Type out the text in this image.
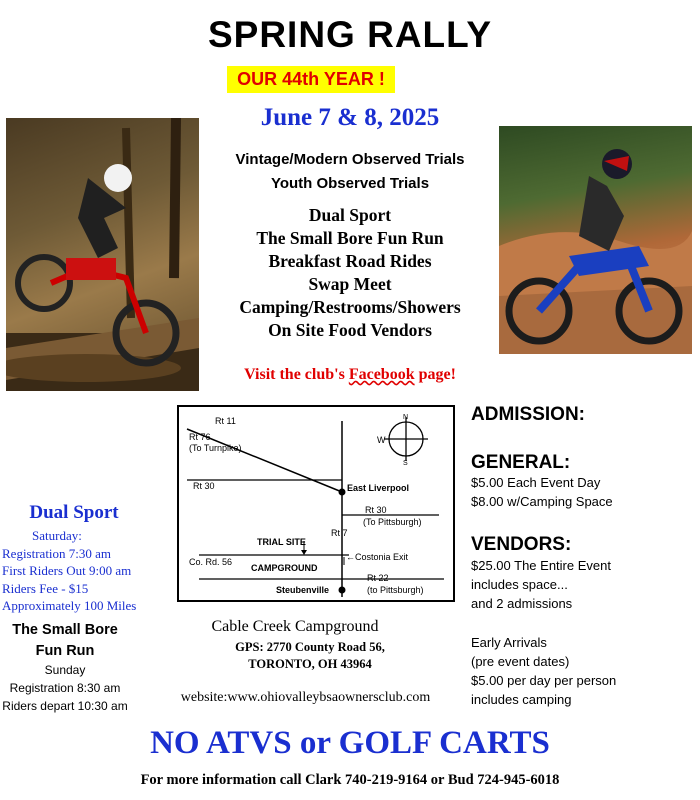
SPRING RALLY
OUR 44th YEAR !
June 7 & 8, 2025
Vintage/Modern Observed Trials
Youth Observed Trials
Dual Sport
The Small Bore Fun Run
Breakfast Road Rides
Swap Meet
Camping/Restrooms/Showers
On Site Food Vendors
Visit the club's Facebook page!
Rt 11
Rt 76
(To Turnpike)
Rt 30	East Liverpool
Rt 30
(To Pittsburgh)
Rt 7
TRIAL SITE
Co. Rd. 56	←Costonia Exit
CAMPGROUND
Rt 22
(to Pittsburgh)
Steubenville
N
W
S
ADMISSION:
GENERAL:
$5.00 Each Event Day
$8.00 w/Camping Space
VENDORS:
$25.00 The Entire Event
includes space...
and 2 admissions
Early Arrivals
(pre event dates)
$5.00 per day per person
includes camping
Dual Sport
Saturday:
Registration 7:30 am
First Riders Out 9:00 am
Riders Fee - $15
Approximately 100 Miles
The Small Bore
Fun Run
Sunday
Registration 8:30 am
Riders depart 10:30 am
Cable Creek Campground
GPS: 2770 County Road 56,
TORONTO, OH 43964
website:www.ohiovalleybsaownersclub.com
NO ATVS or GOLF CARTS
For more information call Clark 740-219-9164 or Bud 724-945-6018
